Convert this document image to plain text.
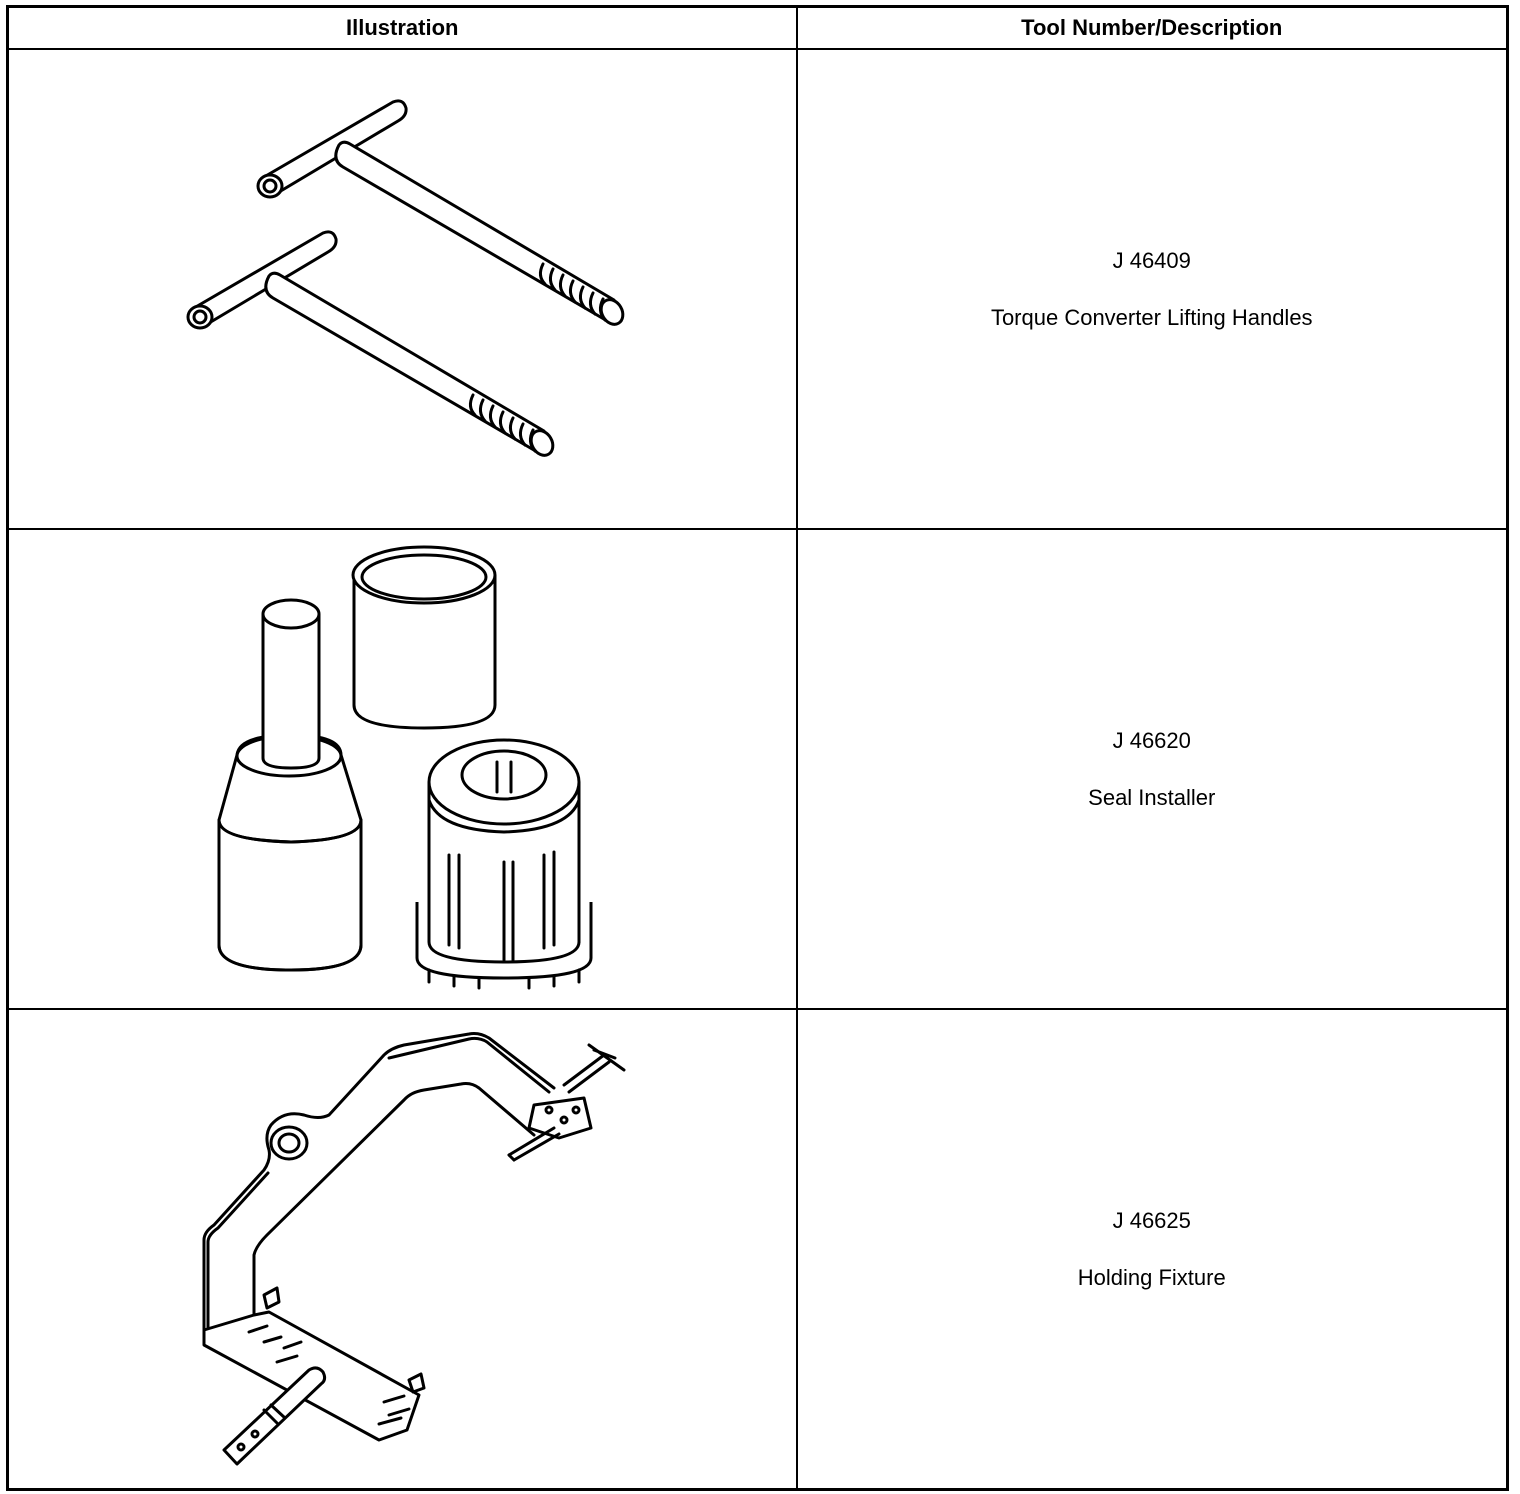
Illustration	Tool Number/Description

J 46409
Torque Converter Lifting Handles

J 46620
Seal Installer

J 46625
Holding Fixture
